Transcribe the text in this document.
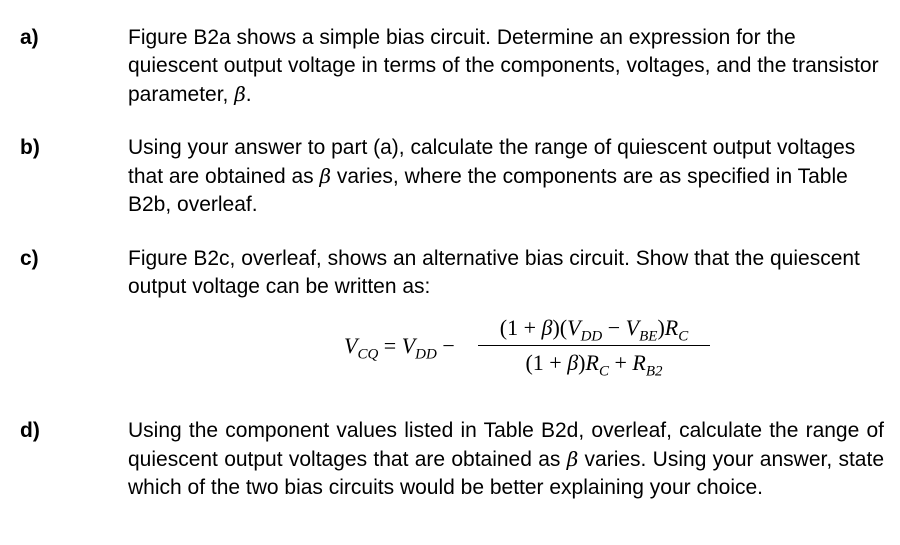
a)	Figure B2a shows a simple bias circuit. Determine an expression for the quiescent output voltage in terms of the components, voltages, and the transistor parameter, β.
b)	Using your answer to part (a), calculate the range of quiescent output voltages that are obtained as β varies, where the components are as specified in Table B2b, overleaf.
c)	Figure B2c, overleaf, shows an alternative bias circuit. Show that the quiescent output voltage can be written as:
$V_{CQ} = V_{DD}$ −
$(1 + \beta)(V_{DD} - V_{BE})R_C$
$(1 + \beta)R_C + R_{B2}$
d)	Using the component values listed in Table B2d, overleaf, calculate the range of quiescent output voltages that are obtained as β varies. Using your answer, state which of the two bias circuits would be better explaining your choice.
